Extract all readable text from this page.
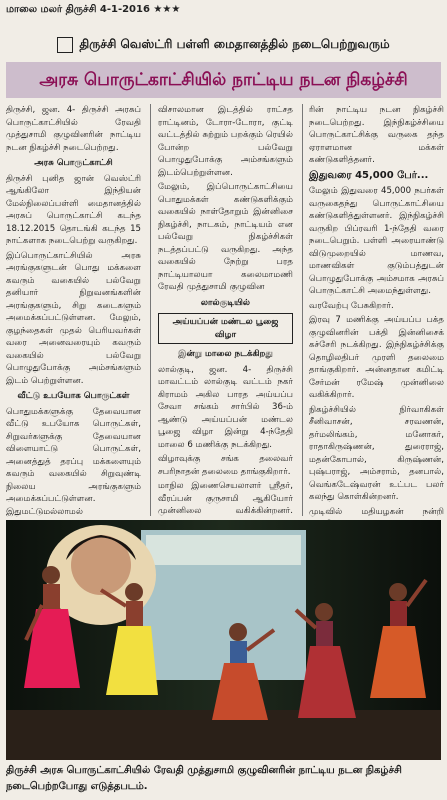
மாலை மலர் திருச்சி 4-1-2016 ★★★
திருச்சி வெஸ்ட்ரி பள்ளி மைதானத்தில் நடைபெற்றுவரும்
அரசு பொருட்காட்சியில் நாட்டிய நடன நிகழ்ச்சி

திருச்சி, ஜன. 4- திருச்சி அரசுப் பொருட்காட்சியில் ரேவதி முத்துசாமி குழுவினரின் நாட்டிய நடன நிகழ்ச்சி நடைபெற்றது.

அரசு பொருட்காட்சி

திருச்சி புனித ஜான் வெஸ்ட்ரி ஆங்கிலோ இந்தியன் மேல்நிலைப்பள்ளி மைதானத்தில் அரசுப் பொருட்காட்சி கடந்த 18.12.2015 தொடங்கி கடந்த 15 நாட்களாக நடைபெற்று வருகிறது.

இப்பொருட்காட்சியில் அரசு அரங்குகளுடன் பொது மக்களை கவரும் வகையில் பல்வேறு தனியார் நிறுவனங்களின் அரங்குகளும், சிறு கடைகளும் அமைக்கப்பட்டுள்ளன. மேலும், குழந்தைகள் முதல் பெரியவர்கள் வரை அனைவரையும் கவரும் வகையில் பல்வேறு பொழுதுபோக்கு அம்சங்களும் இடம் பெற்றுள்ளன.

வீட்டு உபயோக பொருட்கள்

பொதுமக்களுக்கு தேவையான வீட்டு உபயோக பொருட்கள், சிறுவர்களுக்கு தேவையான விளையாட்டு பொருட்கள், அனைத்துத் தரப்பு மக்களையும் கவரும் வகையில் சிறுவுண்டி நிலைய அரங்குகளும் அமைக்கப்பட்டுள்ளன. இதுமட்டுமல்லாமல்

விசாலமான இடத்தில் ராட்சத ராட்டினம், டோரா-டோரா, குட்டி வட்டத்தில் சுற்றும் பறக்கும் ரெயில் போன்ற பல்வேறு பொழுதுபோக்கு அம்சங்களும் இடம்பெற்றுள்ளன.

மேலும், இப்பொருட்காட்சியை பொதுமக்கள் கண்டுகளிக்கும் வகையில் நாள்தோறும் இன்னிசை நிகழ்ச்சி, நாடகம், நாட்டியம் என பல்வேறு நிகழ்ச்சிகள் நடத்தப்பட்டு வருகிறது. அந்த வகையில் நேற்று பரத நாட்டியாலயா கலைமாமணி ரேவதி முத்துசாமி குழுவின

லால்குடியில்
அய்யப்பன் மண்டல பூஜை விழா
இன்று மாலை நடக்கிறது

லால்குடி, ஜன. 4- திருச்சி மாவட்டம் லால்குடி வட்டம் நகர் கிராமம் அகில பாரத அய்யப்ப சேவா சங்கம் சார்பில் 36-ம் ஆண்டு அய்யப்பன் மண்டல பூஜை விழா இன்று 4-ந்தேதி மாலை 6 மணிக்கு நடக்கிறது.

விழாவுக்கு சங்க தலைவர் சபரிநாதன் தலைமை தாங்குகிறார்.

மாநில இணைசெயலாளர் ஸ்ரீதர், வீரப்பன் குருசாமி ஆகியோர் முன்னிலை வகிக்கின்றனர்.

ரின் நாட்டிய நடன நிகழ்ச்சி நடைபெற்றது. இந்நிகழ்ச்சியை பொருட்காட்சிக்கு வருகை தந்த ஏராளமான மக்கள் கண்டுகளித்தனர்.

இதுவரை 45,000 பேர்...

மேலும் இதுவரை 45,000 நபர்கள் வருகைதந்து பொருட்காட்சியை கண்டுகளித்துள்ளனர். இந்நிகழ்ச்சி வருகிற பிப்ரவரி 1-ந்தேதி வரை நடைபெறும். பள்ளி அரையாண்டு விடுமுறையில் மாணவ, மாணவிகள் குடும்பத்துடன் பொழுதுபோக்கு அம்சமாக அரசுப் பொருட்காட்சி அமைந்துள்ளது.

வரவேற்பு பேசுகிறார்.

இரவு 7 மணிக்கு அய்யப்ப பக்த குழுவினரின் பக்தி இன்னிசைக் கச்சேரி நடக்கிறது. இந்நிகழ்ச்சிக்கு தொழிலதிபர் முரளி தலைமை தாங்குகிறார். அன்னதான கமிட்டி சேர்மன் ரமேஷ் முன்னிலை வகிக்கிறார்.

நிகழ்ச்சியில் நிர்வாகிகள் சீனிவாசன், சரவணன், தர்மலிங்கம், மனோகர், ராதாகிருஷ்ணன், துரைராஜ், மதன்கோபால், கிருஷ்ணன், புஷ்பராஜ், அம்சராம், தனபால், வெங்கடேஷ்வரன் உட்பட பலர் கலந்து கொள்கின்றனர்.

முடிவில் மதியழகன் நன்றி

திருச்சி அரசு பொருட்காட்சியில் ரேவதி முத்துசாமி குழுவினரின் நாட்டிய நடன நிகழ்ச்சி நடைபெற்றபோது எடுத்தபடம்.
